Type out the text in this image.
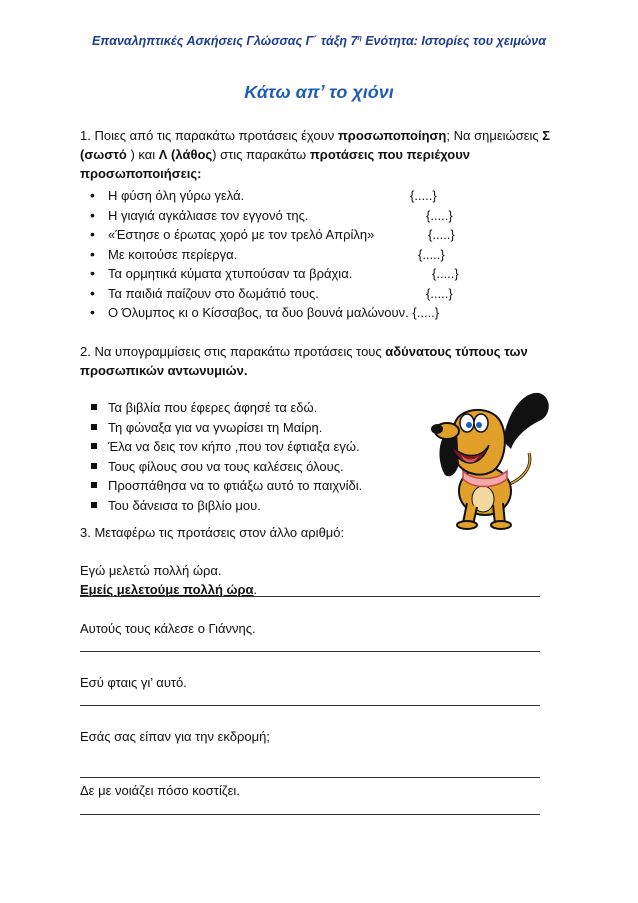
Επαναληπτικές Ασκήσεις Γλώσσας Γ΄ τάξη $7^\eta$ Ενότητα: Ιστορίες του χειμώνα
Κάτω απ’ το χιόνι
1. Ποιες από τις παρακάτω προτάσεις έχουν προσωποποίηση; Να σημειώσεις Σ
(σωστό ) και Λ (λάθος) στις παρακάτω προτάσεις που περιέχουν
προσωποποιήσεις:
• Η φύση όλη γύρω γελά.	{.....}
• Η γιαγιά αγκάλιασε τον εγγονό της.	{.....}
• «Έστησε ο έρωτας χορό με τον τρελό Απρίλη»	{.....}
• Με κοιτούσε περίεργα.	{.....}
• Τα ορμητικά κύματα χτυπούσαν τα βράχια.	{.....}
• Τα παιδιά παίζουν στο δωμάτιό τους.	{.....}
• Ο Όλυμπος κι ο Κίσσαβος, τα δυο βουνά μαλώνουν. {.....}
2. Να υπογραμμίσεις στις παρακάτω προτάσεις τους αδύνατους τύπους των
προσωπικών αντωνυμιών.
Τα βιβλία που έφερες άφησέ τα εδώ.
Τη φώναξα για να γνωρίσει τη Μαίρη.
Έλα να δεις τον κήπο ,που τον έφτιαξα εγώ.
Τους φίλους σου να τους καλέσεις όλους.
Προσπάθησα να το φτιάξω αυτό το παιχνίδι.
Του δάνεισα το βιβλίο μου.
3. Μεταφέρω τις προτάσεις στον άλλο αριθμό:
Εγώ μελετώ πολλή ώρα.
Εμείς μελετούμε πολλή ώρα.
Αυτούς τους κάλεσε ο Γιάννης.
Εσύ φταις γι’ αυτό.
Εσάς σας είπαν για την εκδρομή;
Δε με νοιάζει πόσο κοστίζει.
